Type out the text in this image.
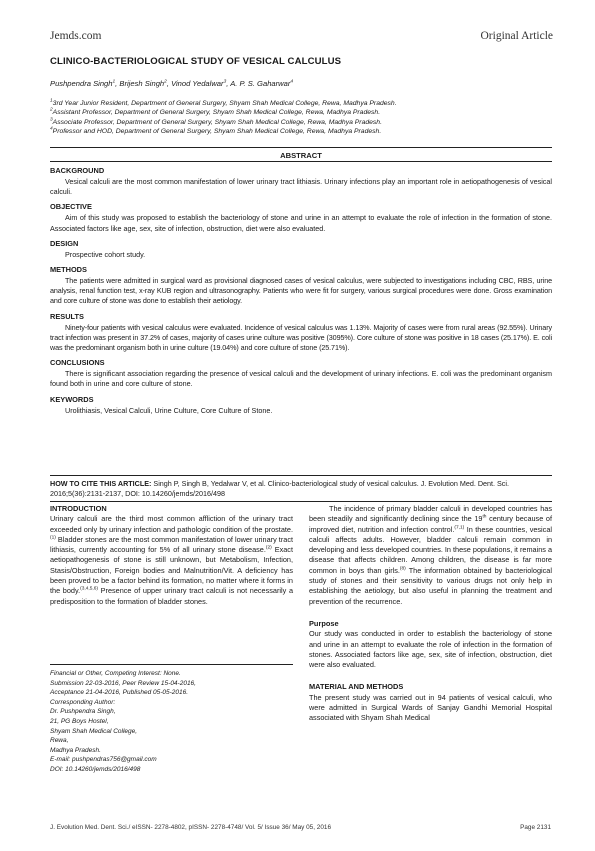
Jemds.com	Original Article
CLINICO-BACTERIOLOGICAL STUDY OF VESICAL CALCULUS
Pushpendra Singh$^1$, Brijesh Singh$^2$, Vinod Yedalwar$^3$, A. P. S. Gaharwar$^4$
$^1$3rd Year Junior Resident, Department of General Surgery, Shyam Shah Medical College, Rewa, Madhya Pradesh.
$^2$Assistant Professor, Department of General Surgery, Shyam Shah Medical College, Rewa, Madhya Pradesh.
$^3$Associate Professor, Department of General Surgery, Shyam Shah Medical College, Rewa, Madhya Pradesh.
$^4$Professor and HOD, Department of General Surgery, Shyam Shah Medical College, Rewa, Madhya Pradesh.
ABSTRACT
BACKGROUND
Vesical calculi are the most common manifestation of lower urinary tract lithiasis. Urinary infections play an important role in aetiopathogenesis of vesical calculi.
OBJECTIVE
Aim of this study was proposed to establish the bacteriology of stone and urine in an attempt to evaluate the role of infection in the formation of stone. Associated factors like age, sex, site of infection, obstruction, diet were also evaluated.
DESIGN
Prospective cohort study.
METHODS
The patients were admitted in surgical ward as provisional diagnosed cases of vesical calculus, were subjected to investigations including CBC, RBS, urine analysis, renal function test, x-ray KUB region and ultrasonography. Patients who were fit for surgery, various surgical procedures were done. Gross examination and core culture of stone was done to establish their aetiology.
RESULTS
Ninety-four patients with vesical calculus were evaluated. Incidence of vesical calculus was 1.13%. Majority of cases were from rural areas (92.55%). Urinary tract infection was present in 37.2% of cases, majority of cases urine culture was positive (3095%). Core culture of stone was positive in 18 cases (25.17%). E. coli was the predominant organism both in urine culture (19.04%) and core culture of stone (25.71%).
CONCLUSIONS
There is significant association regarding the presence of vesical calculi and the development of urinary infections. E. coli was the predominant organism found both in urine and core culture of stone.
KEYWORDS
Urolithiasis, Vesical Calculi, Urine Culture, Core Culture of Stone.
HOW TO CITE THIS ARTICLE: Singh P, Singh B, Yedalwar V, et al. Clinico-bacteriological study of vesical calculus. J. Evolution Med. Dent. Sci. 2016;5(36):2131-2137, DOI: 10.14260/jemds/2016/498
INTRODUCTION
Urinary calculi are the third most common affliction of the urinary tract exceeded only by urinary infection and pathologic condition of the prostate.$^{(1)}$ Bladder stones are the most common manifestation of lower urinary tract lithiasis, currently accounting for 5% of all urinary stone disease.$^{(2)}$ Exact aetiopathogenesis of stone is still unknown, but Metabolism, Infection, Stasis/Obstruction, Foreign bodies and Malnutrition/Vit. A deficiency has been proved to be a factor behind its formation, no matter where it forms in the body.$^{(3,4,5,6)}$ Presence of upper urinary tract calculi is not necessarily a predisposition to the formation of bladder stones.
Financial or Other, Competing Interest: None.
Submission 22-03-2016, Peer Review 15-04-2016,
Acceptance 21-04-2016, Published 05-05-2016.
Corresponding Author:
Dr. Pushpendra Singh,
21, PG Boys Hostel,
Shyam Shah Medical College,
Rewa,
Madhya Pradesh.
E-mail: pushpendras756@gmail.com
DOI: 10.14260/jemds/2016/498
The incidence of primary bladder calculi in developed countries has been steadily and significantly declining since the 19th century because of improved diet, nutrition and infection control.$^{(7,1)}$ In these countries, vesical calculi affects adults. However, bladder calculi remain common in developing and less developed countries. In these populations, it remains a disease that affects children. Among children, the disease is far more common in boys than girls.$^{(8)}$ The information obtained by bacteriological study of stones and their sensitivity to various drugs not only help in establishing the aetiology, but also useful in planning the treatment and prevention of the recurrence.
Purpose
Our study was conducted in order to establish the bacteriology of stone and urine in an attempt to evaluate the role of infection in the formation of stones. Associated factors like age, sex, site of infection, obstruction, diet were also evaluated.
MATERIAL AND METHODS
The present study was carried out in 94 patients of vesical calculi, who were admitted in Surgical Wards of Sanjay Gandhi Memorial Hospital associated with Shyam Shah Medical
J. Evolution Med. Dent. Sci./ eISSN- 2278-4802, pISSN- 2278-4748/ Vol. 5/ Issue 36/ May 05, 2016	Page 2131
